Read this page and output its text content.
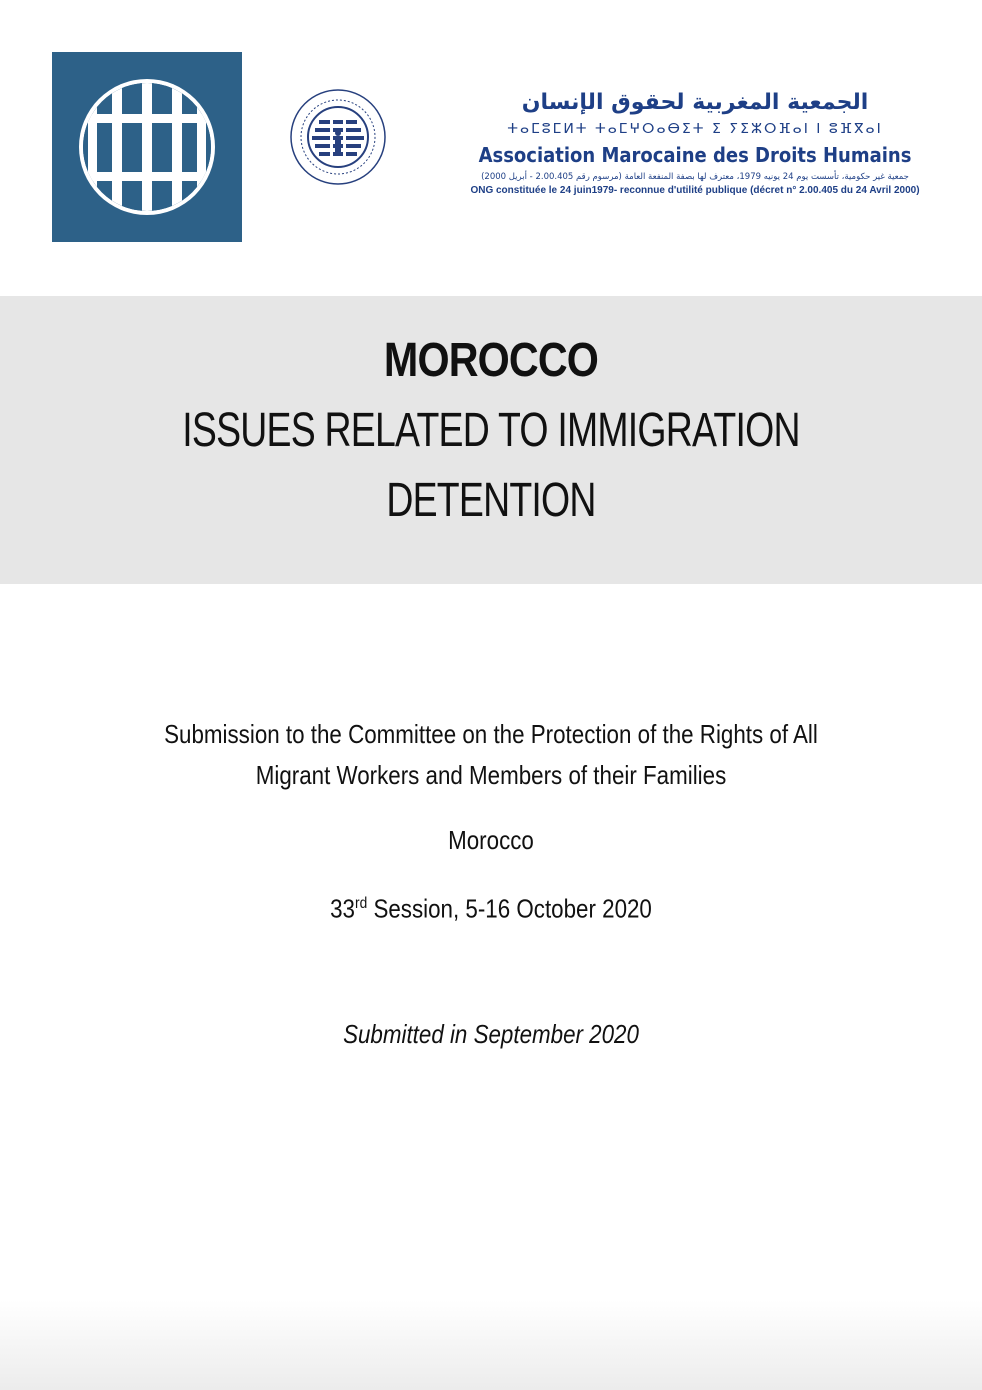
الجمعية المغربية لحقوق الإنسان
ⵜⴰⵎⵓⵎⵍⵜ ⵜⴰⵎⵖⵔⴰⴱⵉⵜ ⵉ ⵢⵉⵣⵔⴼⴰⵏ ⵏ ⵓⴼⴳⴰⵏ
Association Marocaine des Droits Humains
جمعية غير حكومية، تأسست يوم 24 يونيه 1979، معترف لها بصفة المنفعة العامة (مرسوم رقم 2.00.405 - أبريل 2000)
ONG constituée le 24 juin1979- reconnue d'utilité publique (décret n° 2.00.405 du 24 Avril 2000)
MOROCCO
ISSUES RELATED TO IMMIGRATION
DETENTION
Submission to the Committee on the Protection of the Rights of All
Migrant Workers and Members of their Families
Morocco
33rd Session, 5-16 October 2020
Submitted in September 2020
